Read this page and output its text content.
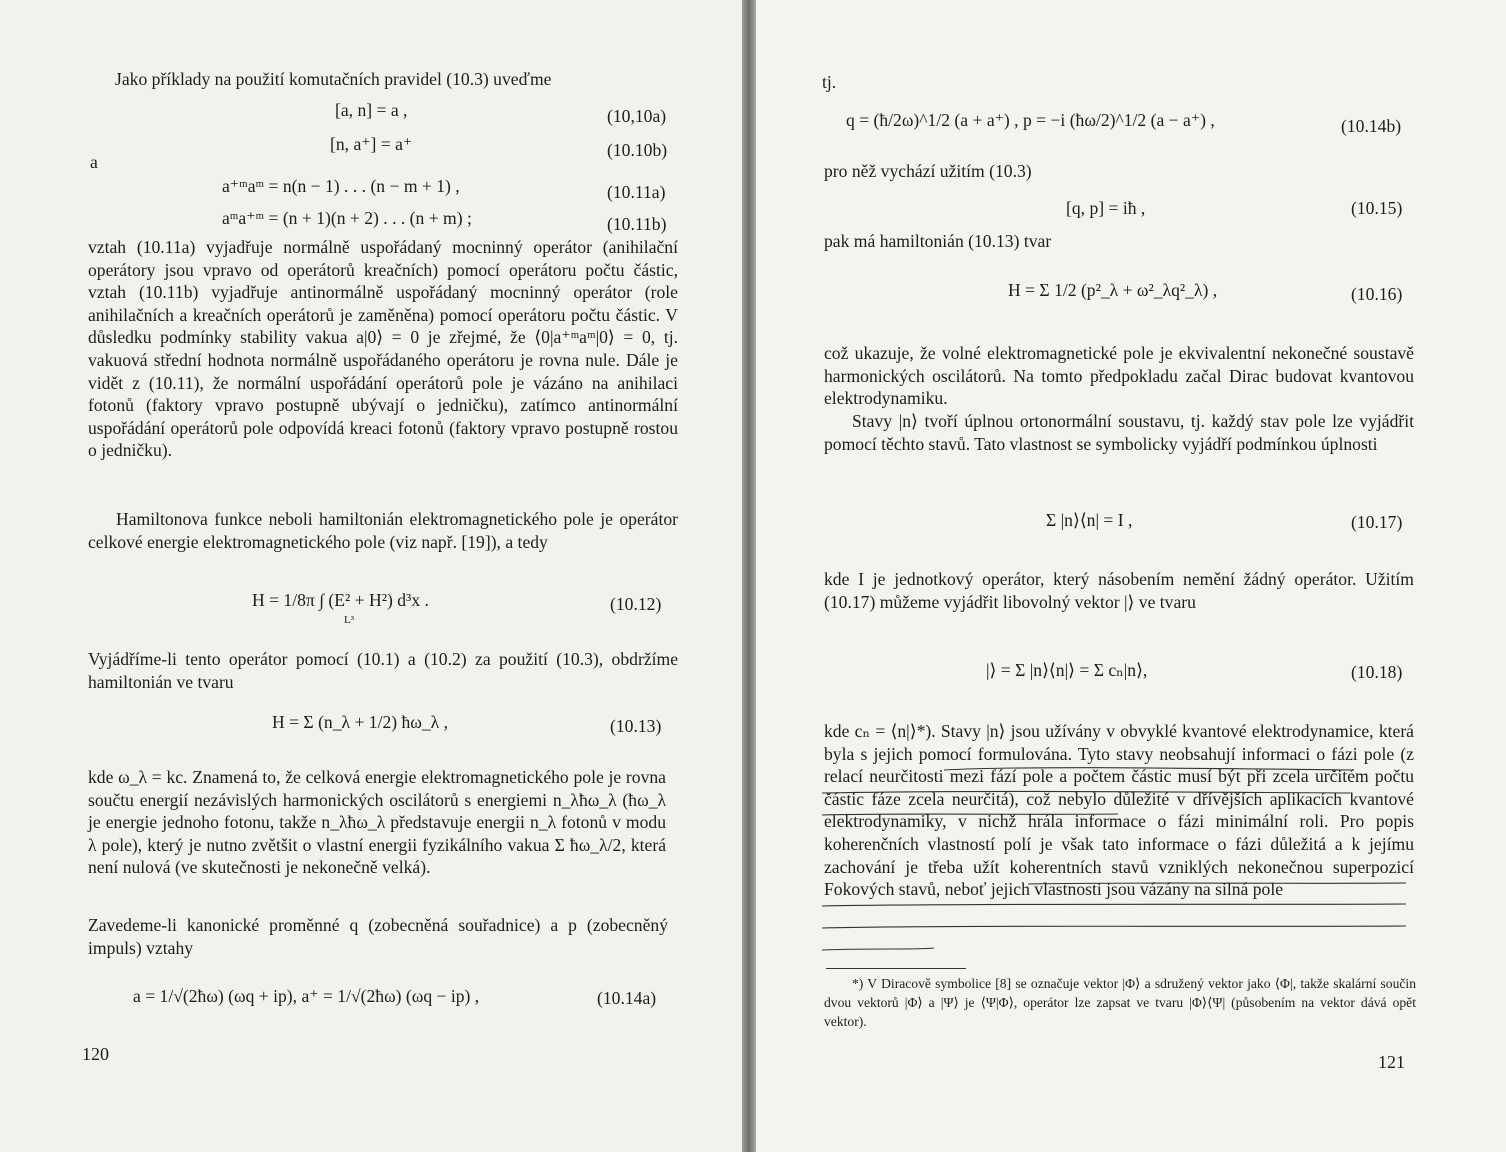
Jako příklady na použití komutačních pravidel (10.3) uveďme

[a, n] = a ,	(10,10a)
[n, a⁺] = a⁺	(10.10b)
a
a⁺ᵐaᵐ = n(n − 1) . . . (n − m + 1) ,	(10.11a)
aᵐa⁺ᵐ = (n + 1)(n + 2) . . . (n + m) ;	(10.11b)

vztah (10.11a) vyjadřuje normálně uspořádaný mocninný operátor (anihilační operátory jsou vpravo od operátorů kreačních) pomocí operátoru počtu částic, vztah (10.11b) vyjadřuje antinormálně uspořádaný mocninný operátor (role anihilačních a kreačních operátorů je zaměněna) pomocí operátoru počtu částic. V důsledku podmínky stability vakua a|0⟩ = 0 je zřejmé, že ⟨0|a⁺ᵐaᵐ|0⟩ = 0, tj. vakuová střední hodnota normálně uspořádaného operátoru je rovna nule. Dále je vidět z (10.11), že normální uspořádání operátorů pole je vázáno na anihilaci fotonů (faktory vpravo postupně ubývají o jedničku), zatímco antinormální uspořádání operátorů pole odpovídá kreaci fotonů (faktory vpravo postupně rostou o jedničku).

Hamiltonova funkce neboli hamiltonián elektromagnetického pole je operátor celkové energie elektromagnetického pole (viz např. [19]), a tedy

H = 1/8π ∫ (E² + H²) d³x .
L³
(10.12)

Vyjádříme-li tento operátor pomocí (10.1) a (10.2) za použití (10.3), obdržíme hamiltonián ve tvaru

H = Σ (n_λ + 1/2) ħω_λ ,	(10.13)

kde ω_λ = kc. Znamená to, že celková energie elektromagnetického pole je rovna součtu energií nezávislých harmonických oscilátorů s energiemi n_λħω_λ (ħω_λ je energie jednoho fotonu, takže n_λħω_λ představuje energii n_λ fotonů v modu λ pole), který je nutno zvětšit o vlastní energii fyzikálního vakua Σ ħω_λ/2, která není nulová (ve skutečnosti je nekonečně velká).

Zavedeme-li kanonické proměnné q (zobecněná souřadnice) a p (zobecněný impuls) vztahy

a = 1/√(2ħω) (ωq + ip), a⁺ = 1/√(2ħω) (ωq − ip) ,	(10.14a)
120
tj.
q = (ħ/2ω)^1/2 (a + a⁺) , p = −i (ħω/2)^1/2 (a − a⁺) ,	(10.14b)

pro něž vychází užitím (10.3)

[q, p] = iħ ,	(10.15)

pak má hamiltonián (10.13) tvar

H = Σ 1/2 (p²_λ + ω²_λq²_λ) ,	(10.16)

což ukazuje, že volné elektromagnetické pole je ekvivalentní nekonečné soustavě harmonických oscilátorů. Na tomto předpokladu začal Dirac budovat kvantovou elektrodynamiku.

Stavy |n⟩ tvoří úplnou ortonormální soustavu, tj. každý stav pole lze vyjádřit pomocí těchto stavů. Tato vlastnost se symbolicky vyjádří podmínkou úplnosti

Σ |n⟩⟨n| = I ,	(10.17)

kde I je jednotkový operátor, který násobením nemění žádný operátor. Užitím (10.17) můžeme vyjádřit libovolný vektor |⟩ ve tvaru

|⟩ = Σ |n⟩⟨n|⟩ = Σ cₙ|n⟩,	(10.18)

kde cₙ = ⟨n|⟩*). Stavy |n⟩ jsou užívány v obvyklé kvantové elektrodynamice, která byla s jejich pomocí formulována. Tyto stavy neobsahují informaci o fázi pole (z relací neurčitosti mezi fází pole a počtem částic musí být při zcela určitém počtu částic fáze zcela neurčitá), což nebylo důležité v dřívějších aplikacích kvantové elektrodynamiky, v nichž hrála informace o fázi minimální roli. Pro popis koherenčních vlastností polí je však tato informace o fázi důležitá a k jejímu zachování je třeba užít koherentních stavů vzniklých nekonečnou superpozicí Fokových stavů, neboť jejich vlastnosti jsou vázány na silná pole

*) V Diracově symbolice [8] se označuje vektor |Φ⟩ a sdružený vektor jako ⟨Φ|, takže skalární součin dvou vektorů |Φ⟩ a |Ψ⟩ je ⟨Ψ|Φ⟩, operátor lze zapsat ve tvaru |Φ⟩⟨Ψ| (působením na vektor dává opět vektor).

121
